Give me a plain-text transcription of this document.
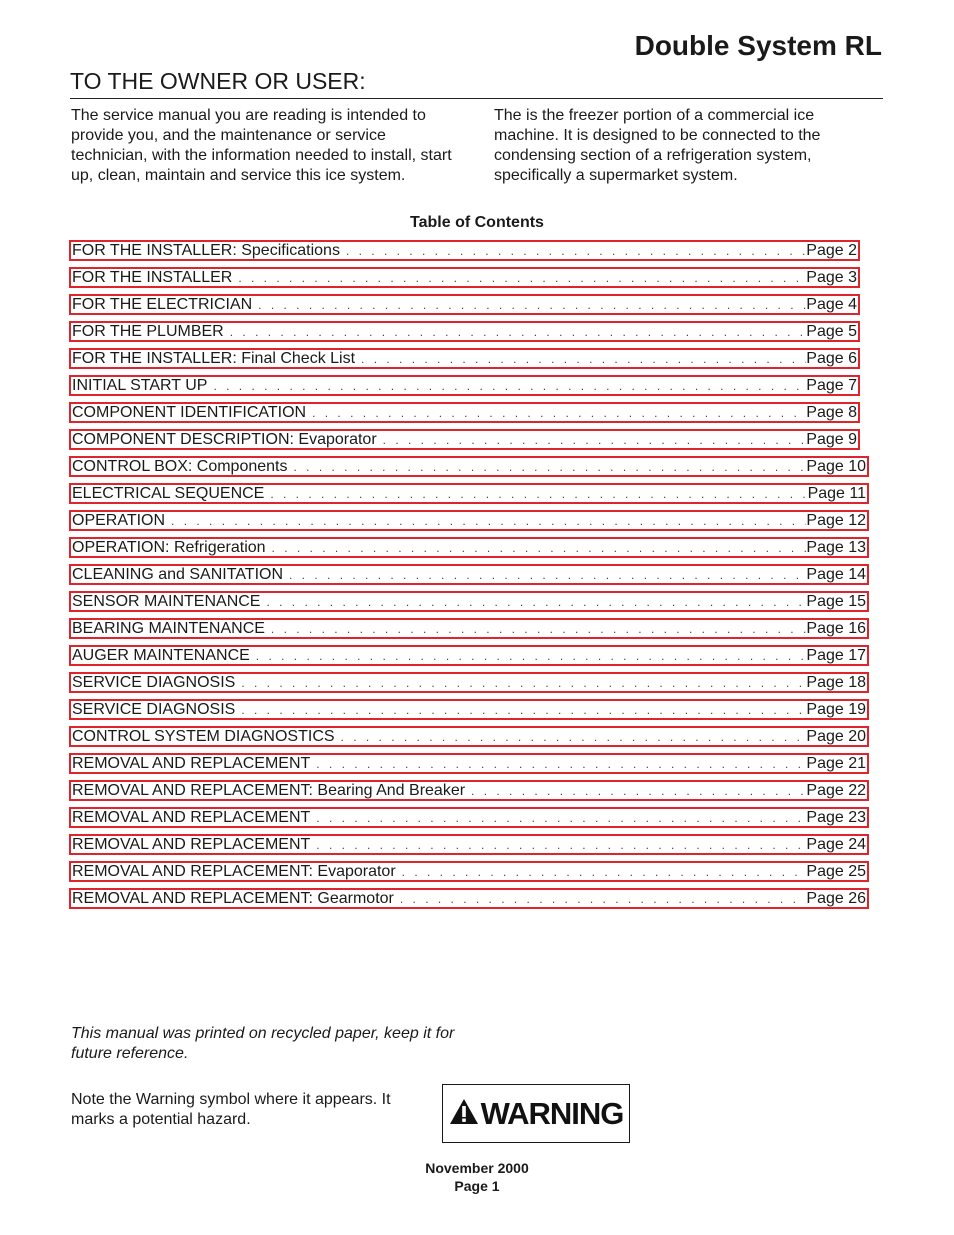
Double System RL
TO THE OWNER OR USER:

The service manual you are reading is intended to provide you, and the maintenance or service technician, with the information needed to install, start up, clean, maintain and service this ice system.

The is the freezer portion of a commercial ice machine. It is designed to be connected to the condensing section of a refrigeration system, specifically a supermarket system.

Table of Contents

FOR THE INSTALLER: Specifications . . .	Page 2
FOR THE INSTALLER . . .	Page 3
FOR THE ELECTRICIAN . . .	Page 4
FOR THE PLUMBER . . .	Page 5
FOR THE INSTALLER: Final Check List . . .	Page 6
INITIAL START UP . . .	Page 7
COMPONENT IDENTIFICATION . . .	Page 8
COMPONENT DESCRIPTION: Evaporator . . .	Page 9
CONTROL BOX: Components . . .	Page 10
ELECTRICAL SEQUENCE . . .	Page 11
OPERATION . . .	Page 12
OPERATION: Refrigeration . . .	Page 13
CLEANING and SANITATION . . .	Page 14
SENSOR MAINTENANCE . . .	Page 15
BEARING MAINTENANCE . . .	Page 16
AUGER MAINTENANCE . . .	Page 17
SERVICE DIAGNOSIS . . .	Page 18
SERVICE DIAGNOSIS . . .	Page 19
CONTROL SYSTEM DIAGNOSTICS . . .	Page 20
REMOVAL AND REPLACEMENT . . .	Page 21
REMOVAL AND REPLACEMENT: Bearing And Breaker . . .	Page 22
REMOVAL AND REPLACEMENT . . .	Page 23
REMOVAL AND REPLACEMENT . . .	Page 24
REMOVAL AND REPLACEMENT: Evaporator . . .	Page 25
REMOVAL AND REPLACEMENT: Gearmotor . . .	Page 26

This manual was printed on recycled paper, keep it for future reference.

Note the Warning symbol where it appears. It marks a potential hazard.	WARNING
November 2000
Page 1
